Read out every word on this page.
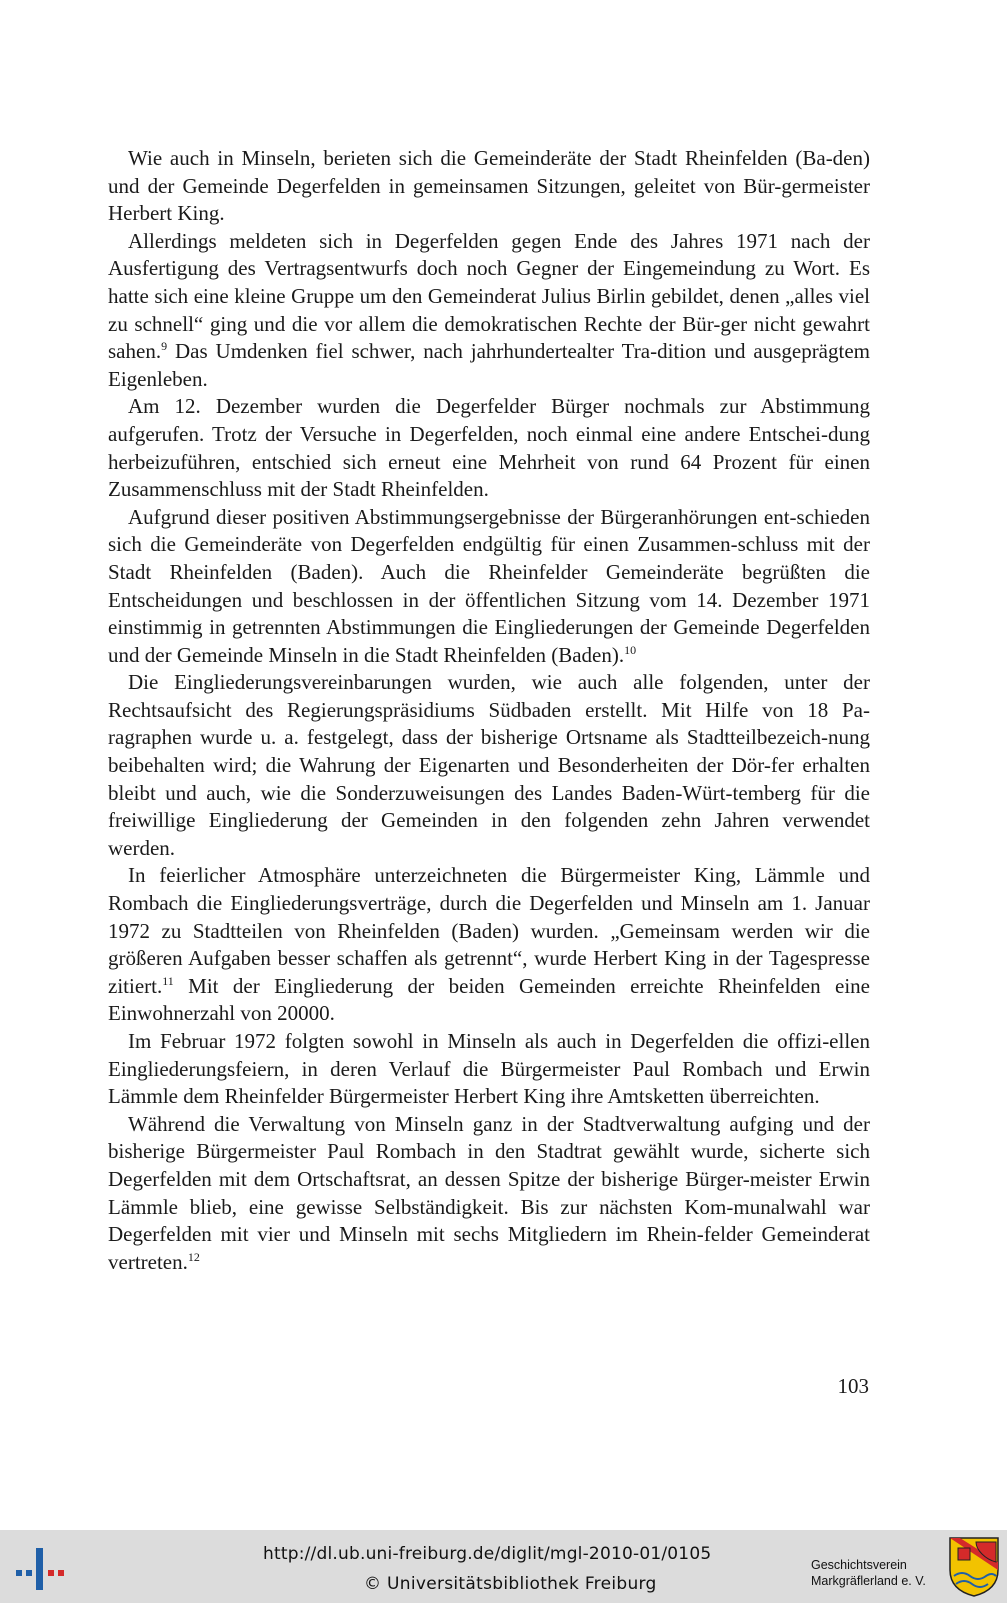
Wie auch in Minseln, berieten sich die Gemeinderäte der Stadt Rheinfelden (Ba-den) und der Gemeinde Degerfelden in gemeinsamen Sitzungen, geleitet von Bür-germeister Herbert King.

Allerdings meldeten sich in Degerfelden gegen Ende des Jahres 1971 nach der Ausfertigung des Vertragsentwurfs doch noch Gegner der Eingemeindung zu Wort. Es hatte sich eine kleine Gruppe um den Gemeinderat Julius Birlin gebildet, denen „alles viel zu schnell“ ging und die vor allem die demokratischen Rechte der Bür-ger nicht gewahrt sahen.$^9$ Das Umdenken fiel schwer, nach jahrhundertealter Tra-dition und ausgeprägtem Eigenleben.

Am 12. Dezember wurden die Degerfelder Bürger nochmals zur Abstimmung aufgerufen. Trotz der Versuche in Degerfelden, noch einmal eine andere Entschei-dung herbeizuführen, entschied sich erneut eine Mehrheit von rund 64 Prozent für einen Zusammenschluss mit der Stadt Rheinfelden.

Aufgrund dieser positiven Abstimmungsergebnisse der Bürgeranhörungen ent-schieden sich die Gemeinderäte von Degerfelden endgültig für einen Zusammen-schluss mit der Stadt Rheinfelden (Baden). Auch die Rheinfelder Gemeinderäte begrüßten die Entscheidungen und beschlossen in der öffentlichen Sitzung vom 14. Dezember 1971 einstimmig in getrennten Abstimmungen die Eingliederungen der Gemeinde Degerfelden und der Gemeinde Minseln in die Stadt Rheinfelden (Baden).$^{10}$

Die Eingliederungsvereinbarungen wurden, wie auch alle folgenden, unter der Rechtsaufsicht des Regierungspräsidiums Südbaden erstellt. Mit Hilfe von 18 Pa-ragraphen wurde u. a. festgelegt, dass der bisherige Ortsname als Stadtteilbezeich-nung beibehalten wird; die Wahrung der Eigenarten und Besonderheiten der Dör-fer erhalten bleibt und auch, wie die Sonderzuweisungen des Landes Baden-Würt-temberg für die freiwillige Eingliederung der Gemeinden in den folgenden zehn Jahren verwendet werden.

In feierlicher Atmosphäre unterzeichneten die Bürgermeister King, Lämmle und Rombach die Eingliederungsverträge, durch die Degerfelden und Minseln am 1. Januar 1972 zu Stadtteilen von Rheinfelden (Baden) wurden. „Gemeinsam werden wir die größeren Aufgaben besser schaffen als getrennt“, wurde Herbert King in der Tagespresse zitiert.$^{11}$ Mit der Eingliederung der beiden Gemeinden erreichte Rheinfelden eine Einwohnerzahl von 20000.

Im Februar 1972 folgten sowohl in Minseln als auch in Degerfelden die offizi-ellen Eingliederungsfeiern, in deren Verlauf die Bürgermeister Paul Rombach und Erwin Lämmle dem Rheinfelder Bürgermeister Herbert King ihre Amtsketten überreichten.

Während die Verwaltung von Minseln ganz in der Stadtverwaltung aufging und der bisherige Bürgermeister Paul Rombach in den Stadtrat gewählt wurde, sicherte sich Degerfelden mit dem Ortschaftsrat, an dessen Spitze der bisherige Bürger-meister Erwin Lämmle blieb, eine gewisse Selbständigkeit. Bis zur nächsten Kom-munalwahl war Degerfelden mit vier und Minseln mit sechs Mitgliedern im Rhein-felder Gemeinderat vertreten.$^{12}$

103

http://dl.ub.uni-freiburg.de/diglit/mgl-2010-01/0105
© Universitätsbibliothek Freiburg
Geschichtsverein
Markgräflerland e. V.
